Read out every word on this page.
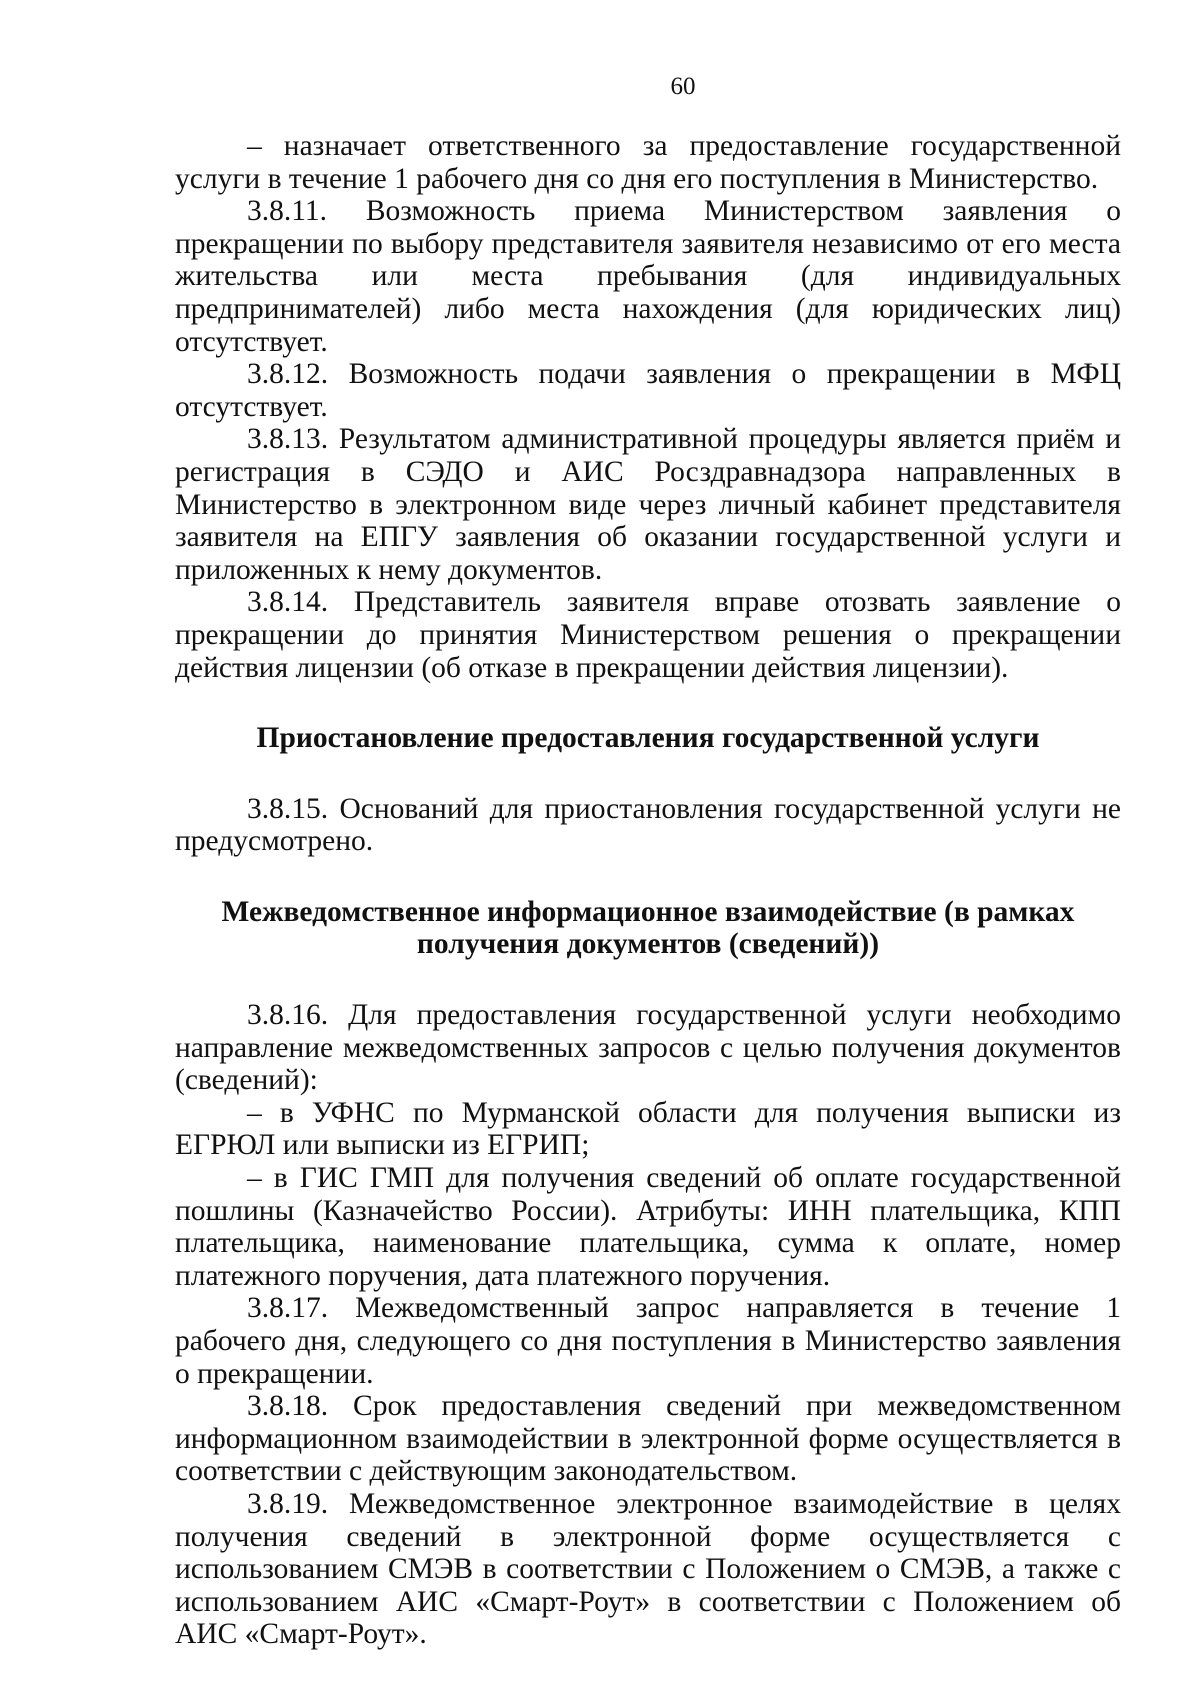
60

– назначает ответственного за предоставление государственной услуги в течение 1 рабочего дня со дня его поступления в Министерство.

3.8.11. Возможность приема Министерством заявления о прекращении по выбору представителя заявителя независимо от его места жительства или места пребывания (для индивидуальных предпринимателей) либо места нахождения (для юридических лиц) отсутствует.

3.8.12. Возможность подачи заявления о прекращении в МФЦ отсутствует.

3.8.13. Результатом административной процедуры является приём и регистрация в СЭДО и АИС Росздравнадзора направленных в Министерство в электронном виде через личный кабинет представителя заявителя на ЕПГУ заявления об оказании государственной услуги и приложенных к нему документов.

3.8.14. Представитель заявителя вправе отозвать заявление о прекращении до принятия Министерством решения о прекращении действия лицензии (об отказе в прекращении действия лицензии).

Приостановление предоставления государственной услуги

3.8.15. Оснований для приостановления государственной услуги не предусмотрено.

Межведомственное информационное взаимодействие (в рамках
получения документов (сведений))

3.8.16. Для предоставления государственной услуги необходимо направление межведомственных запросов с целью получения документов (сведений):

– в УФНС по Мурманской области для получения выписки из ЕГРЮЛ или выписки из ЕГРИП;

– в ГИС ГМП для получения сведений об оплате государственной пошлины (Казначейство России). Атрибуты: ИНН плательщика, КПП плательщика, наименование плательщика, сумма к оплате, номер платежного поручения, дата платежного поручения.

3.8.17. Межведомственный запрос направляется в течение 1 рабочего дня, следующего со дня поступления в Министерство заявления о прекращении.

3.8.18. Срок предоставления сведений при межведомственном информационном взаимодействии в электронной форме осуществляется в соответствии с действующим законодательством.

3.8.19. Межведомственное электронное взаимодействие в целях получения сведений в электронной форме осуществляется с использованием СМЭВ в соответствии с Положением о СМЭВ, а также с использованием АИС «Смарт-Роут» в соответствии с Положением об АИС «Смарт-Роут».
